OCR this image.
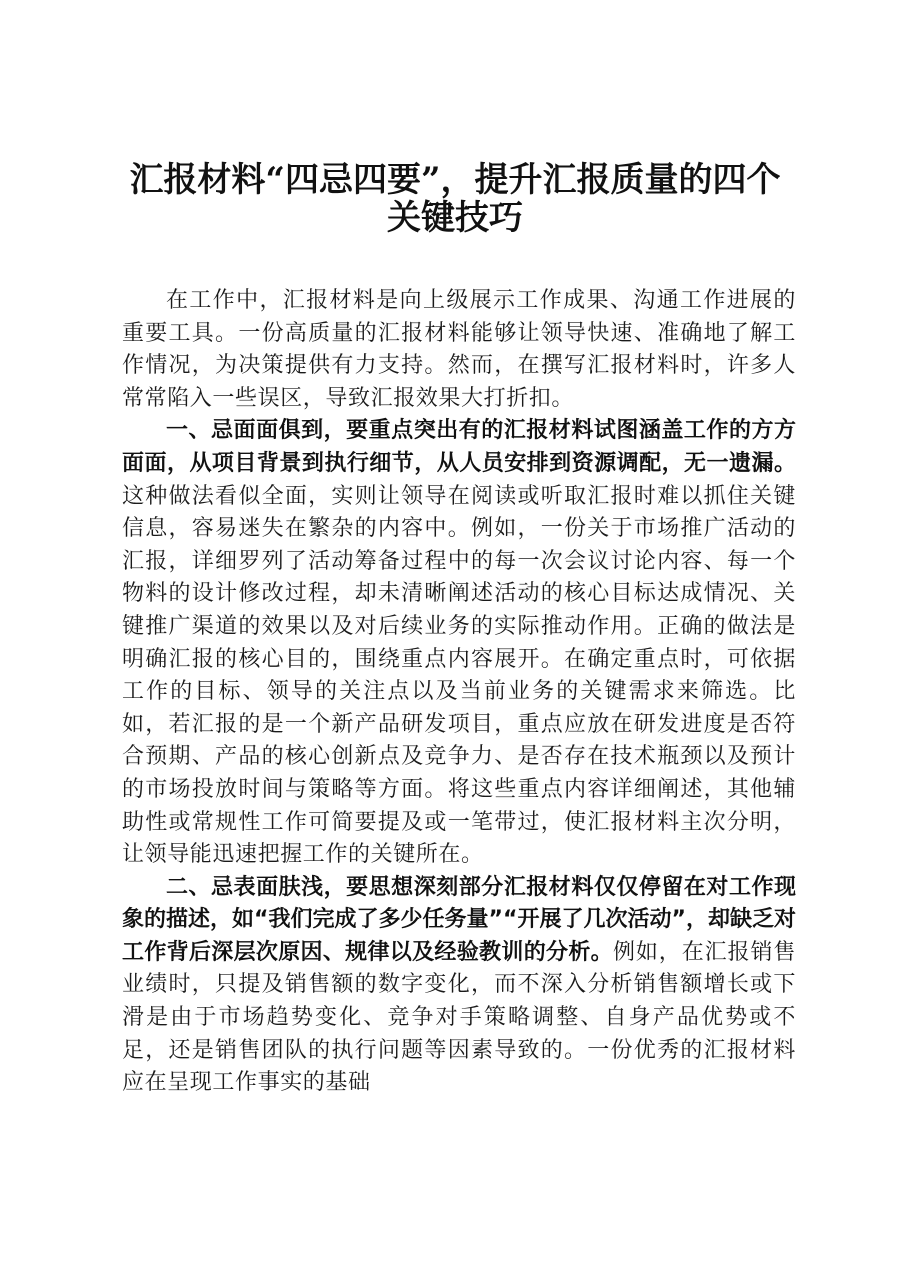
汇报材料“四忌四要”，提升汇报质量的四个
关键技巧

在工作中，汇报材料是向上级展示工作成果、沟通工作进展的重要工具。一份高质量的汇报材料能够让领导快速、准确地了解工作情况，为决策提供有力支持。然而，在撰写汇报材料时，许多人常常陷入一些误区，导致汇报效果大打折扣。

一、忌面面俱到，要重点突出有的汇报材料试图涵盖工作的方方面面，从项目背景到执行细节，从人员安排到资源调配，无一遗漏。这种做法看似全面，实则让领导在阅读或听取汇报时难以抓住关键信息，容易迷失在繁杂的内容中。例如，一份关于市场推广活动的汇报，详细罗列了活动筹备过程中的每一次会议讨论内容、每一个物料的设计修改过程，却未清晰阐述活动的核心目标达成情况、关键推广渠道的效果以及对后续业务的实际推动作用。正确的做法是明确汇报的核心目的，围绕重点内容展开。在确定重点时，可依据工作的目标、领导的关注点以及当前业务的关键需求来筛选。比如，若汇报的是一个新产品研发项目，重点应放在研发进度是否符合预期、产品的核心创新点及竞争力、是否存在技术瓶颈以及预计的市场投放时间与策略等方面。将这些重点内容详细阐述，其他辅助性或常规性工作可简要提及或一笔带过，使汇报材料主次分明，让领导能迅速把握工作的关键所在。

二、忌表面肤浅，要思想深刻部分汇报材料仅仅停留在对工作现象的描述，如“我们完成了多少任务量”“开展了几次活动”，却缺乏对工作背后深层次原因、规律以及经验教训的分析。例如，在汇报销售业绩时，只提及销售额的数字变化，而不深入分析销售额增长或下滑是由于市场趋势变化、竞争对手策略调整、自身产品优势或不足，还是销售团队的执行问题等因素导致的。一份优秀的汇报材料应在呈现工作事实的基础
